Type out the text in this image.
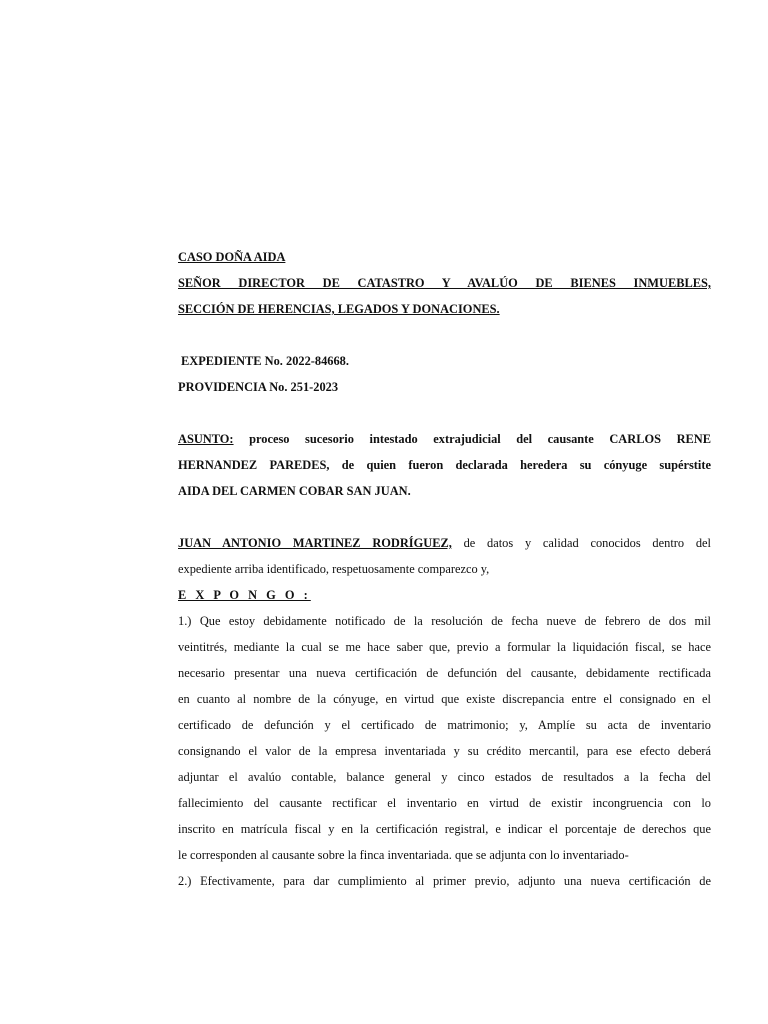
CASO DOÑA AIDA
SEÑOR DIRECTOR DE CATASTRO Y AVALÚO DE BIENES INMUEBLES,
SECCIÓN DE HERENCIAS, LEGADOS Y DONACIONES.
EXPEDIENTE No. 2022-84668.
PROVIDENCIA No. 251-2023
ASUNTO: proceso sucesorio intestado extrajudicial del causante CARLOS RENE
HERNANDEZ PAREDES, de quien fueron declarada heredera su cónyuge supérstite
AIDA DEL CARMEN COBAR SAN JUAN.
JUAN ANTONIO MARTINEZ RODRÍGUEZ, de datos y calidad conocidos dentro del
expediente arriba identificado, respetuosamente comparezco y,
E X P O N G O :
1.) Que estoy debidamente notificado de la resolución de fecha nueve de febrero de dos mil
veintitrés, mediante la cual se me hace saber que, previo a formular la liquidación fiscal, se hace
necesario presentar una nueva certificación de defunción del causante, debidamente rectificada
en cuanto al nombre de la cónyuge, en virtud que existe discrepancia entre el consignado en el
certificado de defunción y el certificado de matrimonio; y, Amplíe su acta de inventario
consignando el valor de la empresa inventariada y su crédito mercantil, para ese efecto deberá
adjuntar el avalúo contable, balance general y cinco estados de resultados a la fecha del
fallecimiento del causante rectificar el inventario en virtud de existir incongruencia con lo
inscrito en matrícula fiscal y en la certificación registral, e indicar el porcentaje de derechos que
le corresponden al causante sobre la finca inventariada. que se adjunta con lo inventariado-
2.) Efectivamente, para dar cumplimiento al primer previo, adjunto una nueva certificación de
